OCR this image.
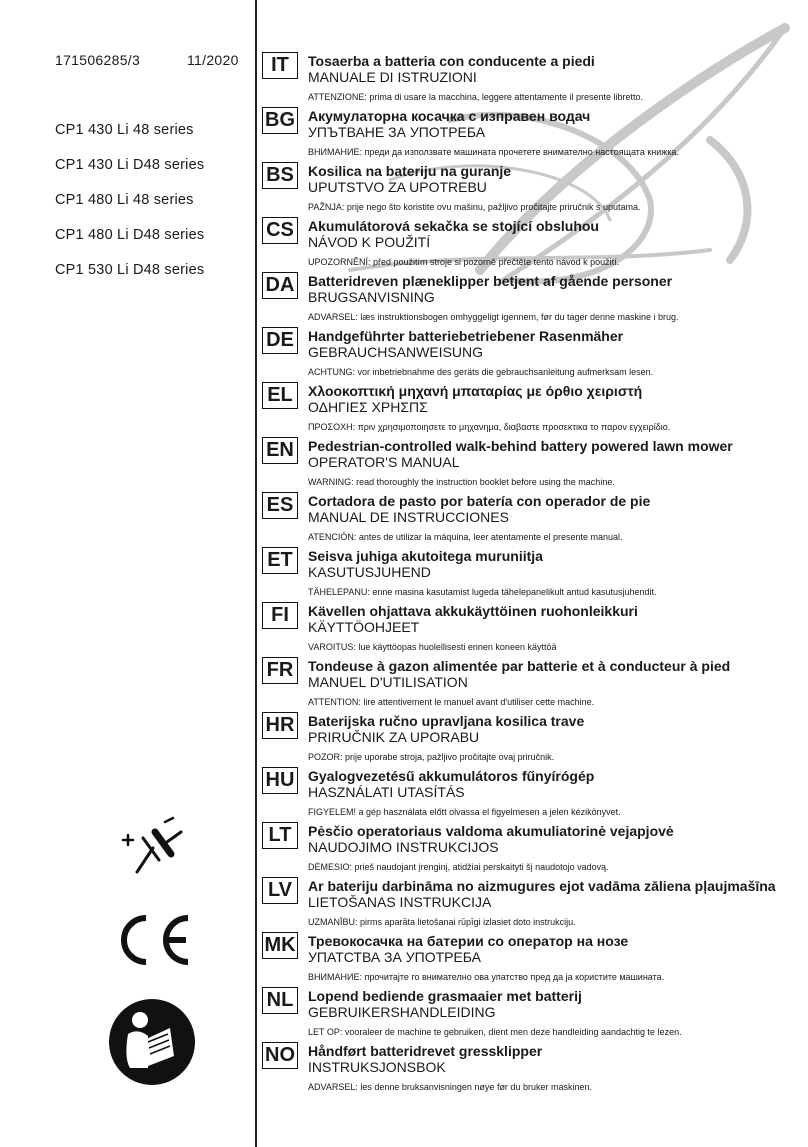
171506285/3	11/2020
CP1 430 Li 48 series
CP1 430 Li D48 series
CP1 480 Li 48 series
CP1 480 Li D48 series
CP1 530 Li D48 series
IT	Tosaerba a batteria con conducente a piedi
MANUALE DI ISTRUZIONI
ATTENZIONE: prima di usare la macchina, leggere attentamente il presente libretto.
BG Акумулаторна косачка с изправен водач
УПЪТВАНЕ ЗА УПОТРЕБА
ВНИМАНИЕ: преди да използвате машината прочетете внимателно настоящата книжка.
BS Kosilica na bateriju na guranje
UPUTSTVO ZA UPOTREBU
PAŽNJA: prije nego što koristite ovu mašinu, pažljivo pročitajte priručnik s uputama.
CS Akumulátorová sekačka se stojící obsluhou
NÁVOD K POUŽITÍ
UPOZORNĚNÍ: před použitím stroje si pozorně přečtěte tento návod k použití.
DA Batteridreven plæneklipper betjent af gående personer
BRUGSANVISNING
ADVARSEL: læs instruktionsbogen omhyggeligt igennem, før du tager denne maskine i brug.
DE Handgeführter batteriebetriebener Rasenmäher
GEBRAUCHSANWEISUNG
ACHTUNG: vor inbetriebnahme des geräts die gebrauchsanleitung aufmerksam lesen.
EL	Χλοοκοπτική μηχανή μπαταρίας με όρθιο χειριστή
ΟΔΗΓΙΕΣ ΧΡΗΣΠΣ
ΠΡΟΣΟΧΗ: πριν χρησιμοποιησετε το μηχανημα, διαβαστε προσεκτικα το παρον εγχειρίδιο.
EN Pedestrian-controlled walk-behind battery powered lawn mower
OPERATOR'S MANUAL
WARNING: read thoroughly the instruction booklet before using the machine.
ES	Cortadora de pasto por batería con operador de pie
MANUAL DE INSTRUCCIONES
ATENCIÓN: antes de utilizar la máquina, leer atentamente el presente manual.
ET	Seisva juhiga akutoitega muruniitja
KASUTUSJUHEND
TÄHELEPANU: enne masina kasutamist lugeda tähelepanelikult antud kasutusjuhendit.
FI	Kävellen ohjattava akkukäyttöinen ruohonleikkuri
KÄYTTÖOHJEET
VAROITUS: lue käyttöopas huolellisesti ennen koneen käyttöä
FR	Tondeuse à gazon alimentée par batterie et à conducteur à pied
MANUEL D'UTILISATION
ATTENTION: lire attentivement le manuel avant d'utiliser cette machine.
HR Baterijska ručno upravljana kosilica trave
PRIRUČNIK ZA UPORABU
POZOR: prije uporabe stroja, pažljivo pročitajte ovaj priručnik.
HU Gyalogvezetésű akkumulátoros fűnyírógép
HASZNÁLATI UTASÍTÁS
FIGYELEM! a gép használata előtt olvassa el figyelmesen a jelen kézikönyvet.
LT	Pėsčio operatoriaus valdoma akumuliatorinė vejapjovė
NAUDOJIMO INSTRUKCIJOS
DĖMESIO: prieš naudojant įrenginį, atidžiai perskaityti šį naudotojo vadovą.
LV	Ar bateriju darbināma no aizmugures ejot vadāma zāliena pļaujmašīna
LIETOŠANAS INSTRUKCIJA
UZMANĪBU: pirms aparāta lietošanai rūpīgi izlasiet doto instrukciju.
MK Тревокосачка на батерии со оператор на нозе
УПАТСТВА ЗА УПОТРЕБА
ВНИМАНИЕ: прочитајте го внимателно ова упатство пред да ја користите машината.
NL	Lopend bediende grasmaaier met batterij
GEBRUIKERSHANDLEIDING
LET OP: vooraleer de machine te gebruiken, dient men deze handleiding aandachtig te lezen.
NO Håndført batteridrevet gressklipper
INSTRUKSJONSBOK
ADVARSEL: les denne bruksanvisningen nøye før du bruker maskinen.
